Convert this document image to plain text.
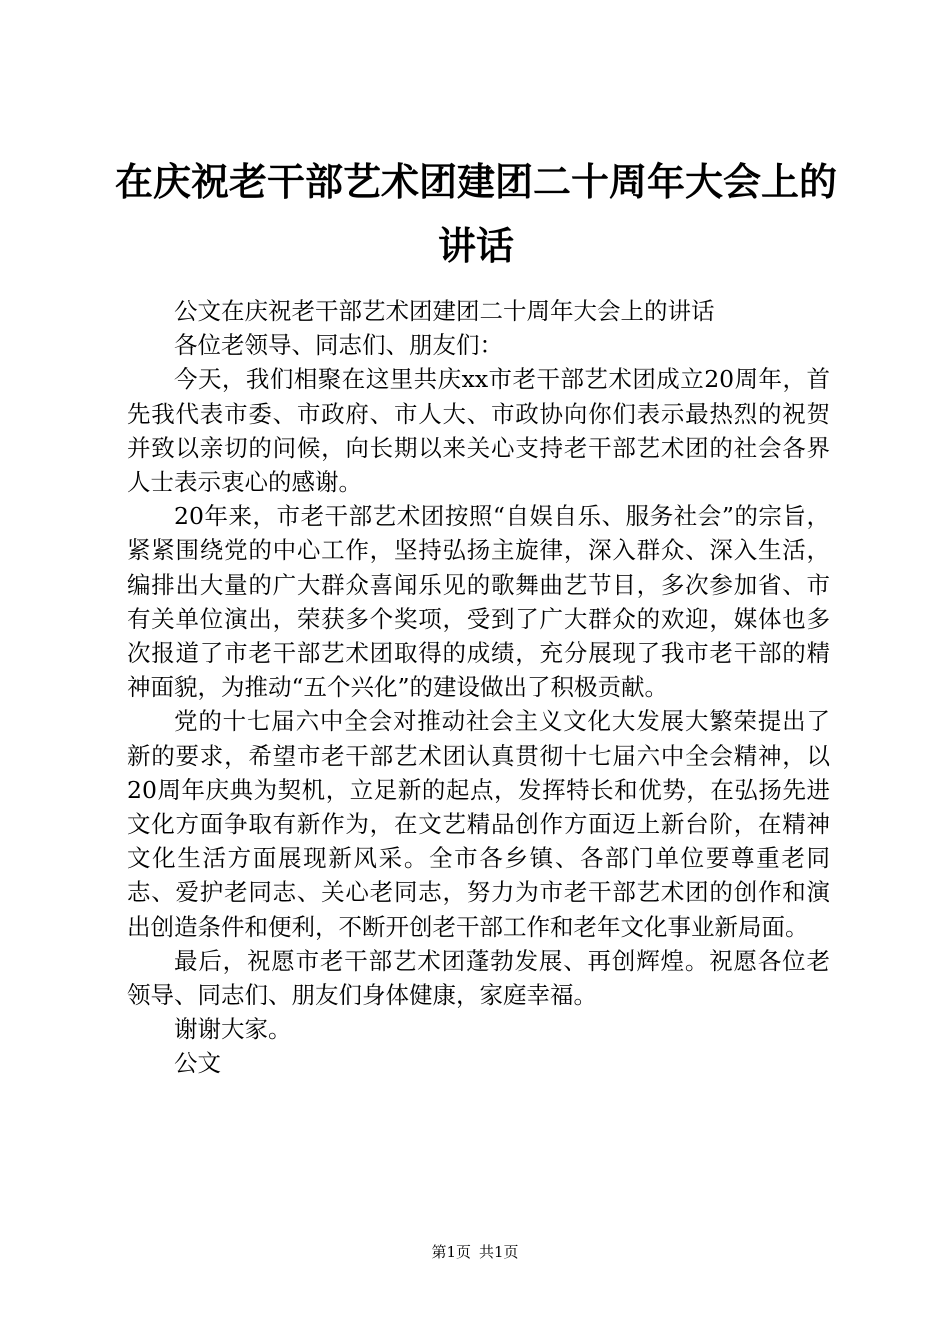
在庆祝老干部艺术团建团二十周年大会上的讲话

公文在庆祝老干部艺术团建团二十周年大会上的讲话

各位老领导、同志们、朋友们：

今天，我们相聚在这里共庆xx市老干部艺术团成立20周年，首先我代表市委、市政府、市人大、市政协向你们表示最热烈的祝贺并致以亲切的问候，向长期以来关心支持老干部艺术团的社会各界人士表示衷心的感谢。

20年来，市老干部艺术团按照“自娱自乐、服务社会”的宗旨，紧紧围绕党的中心工作，坚持弘扬主旋律，深入群众、深入生活，编排出大量的广大群众喜闻乐见的歌舞曲艺节目，多次参加省、市有关单位演出，荣获多个奖项，受到了广大群众的欢迎，媒体也多次报道了市老干部艺术团取得的成绩，充分展现了我市老干部的精神面貌，为推动“五个兴化”的建设做出了积极贡献。

党的十七届六中全会对推动社会主义文化大发展大繁荣提出了新的要求，希望市老干部艺术团认真贯彻十七届六中全会精神，以20周年庆典为契机，立足新的起点，发挥特长和优势，在弘扬先进文化方面争取有新作为，在文艺精品创作方面迈上新台阶，在精神文化生活方面展现新风采。全市各乡镇、各部门单位要尊重老同志、爱护老同志、关心老同志，努力为市老干部艺术团的创作和演出创造条件和便利，不断开创老干部工作和老年文化事业新局面。

最后，祝愿市老干部艺术团蓬勃发展、再创辉煌。祝愿各位老领导、同志们、朋友们身体健康，家庭幸福。

谢谢大家。

公文

第1页 共1页
